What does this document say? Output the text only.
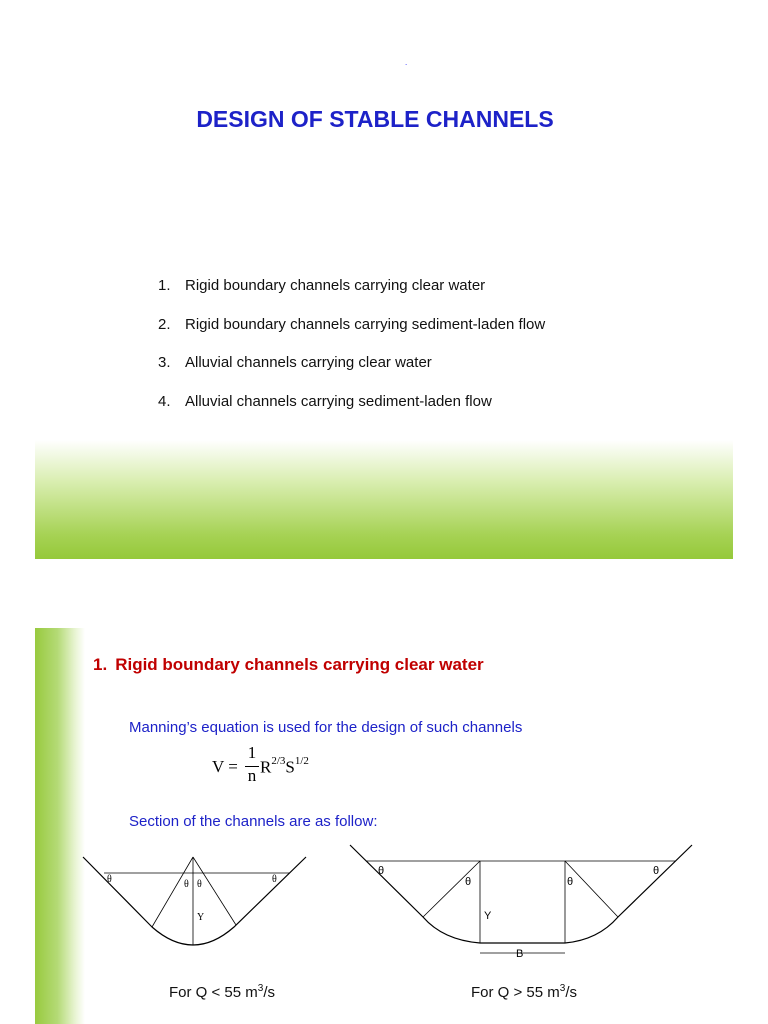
.
DESIGN OF STABLE CHANNELS
1. Rigid boundary channels carrying clear water
2. Rigid boundary channels carrying sediment-laden flow
3. Alluvial channels carrying clear water
4. Alluvial channels carrying sediment-laden flow
1. Rigid boundary channels carrying clear water
Manning’s equation is used for the design of such channels
V =
1
n $R^{2/3}S^{1/2}$
Section of the channels are as follow:
θ	θ θ	θ
Y
θ
θ	θ
θ
Y
B
For Q < 55 $m^3/s$	For Q > 55 $m^3/s$
